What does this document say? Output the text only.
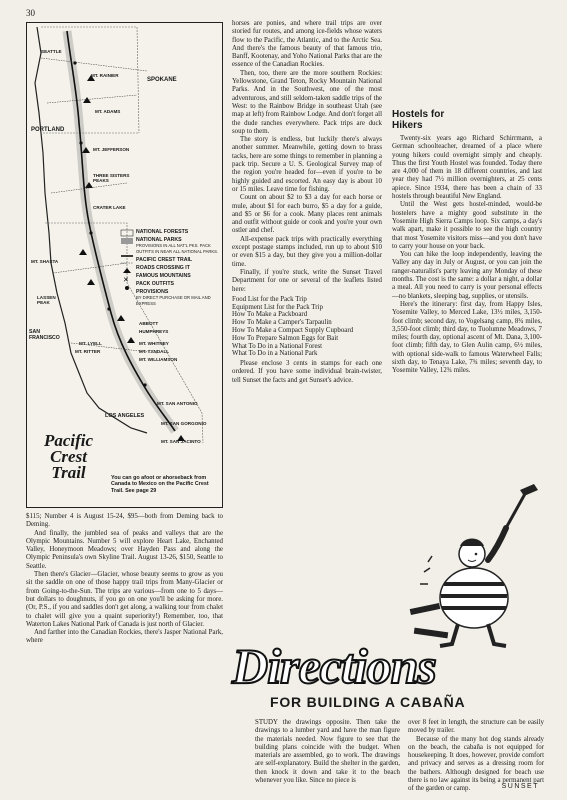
30
✕
NATIONAL FORESTS
NATIONAL PARKS
PROVISIONS IN ALL NAT'L PKS. PACK OUTFITS IN NEAR ALL NATIONAL PARKS.
PACIFIC CREST TRAIL
ROADS CROSSING IT
FAMOUS MOUNTAINS
PACK OUTFITS
PROVISIONS
BY DIRECT PURCHASE OR MAIL AND EXPRESS
SEATTLE
SPOKANE
MT. RAINIER
MT. ADAMS
PORTLAND
MT. JEFFERSON
THREE SISTERS PEAKS
CRATER LAKE
MT. SHASTA
LASSEN PEAK
SAN FRANCISCO
MT. LYELL
MT. RITTER
ABBOTT
HUMPHREYS
MT. WHITNEY
MT. TYNDALL
MT. WILLIAMSON
MT. SAN ANTONIO
LOS ANGELES
MT. SAN GORGONIO
MT. SAN JACINTO
Pacific Crest
Trail	You can go afoot or ahorseback from Canada to Mexico on the Pacific Crest Trail. See page 29

$115; Number 4 is August 15-24, $95—both from Deming back to Deming.

And finally, the jumbled sea of peaks and valleys that are the Olympic Mountains. Number 5 will explore Heart Lake, Enchanted Valley, Honeymoon Meadows; over Hayden Pass and along the Olympic Peninsula's own Skyline Trail. August 13-26, $150, Seattle to Seattle.

Then there's Glacier—Glacier, whose beauty seems to grow as you sit the saddle on one of those happy trail trips from Many-Glacier or from Going-to-the-Sun. The trips are various—from one to 5 days—but dollars to doughnuts, if you go on one you'll be asking for more. (Or, P.S., if you and saddles don't get along, a walking tour from chalet to chalet will give you a quaint superiority!) Remember, too, that Waterton Lakes National Park of Canada is just north of Glacier.

And farther into the Canadian Rockies, there's Jasper National Park, where

horses are ponies, and where trail trips are over storied fur routes, and among ice-fields whose waters flow to the Pacific, the Atlantic, and to the Arctic Sea. And there's the famous beauty of that famous trio, Banff, Kootenay, and Yoho National Parks that are the essence of the Canadian Rockies.

Then, too, there are the more southern Rockies: Yellowstone, Grand Teton, Rocky Mountain National Parks. And in the Southwest, one of the most adventurous, and still seldom-taken saddle trips of the West: to the Rainbow Bridge in southeast Utah (see map at left) from Rainbow Lodge. And don't forget all the dude ranches everywhere. Pack trips are duck soup to them.

The story is endless, but luckily there's always another summer. Meanwhile, getting down to brass tacks, here are some things to remember in planning a pack trip. Secure a U. S. Geological Survey map of the region you're headed for—even if you're to be highly guided and escorted. An easy day is about 10 or 15 miles. Leave time for fishing.

Count on about $2 to $3 a day for each horse or mule, about $1 for each burro, $5 a day for a guide, and $5 or $6 for a cook. Many places rent animals and outfit without guide or cook and you're your own ostler and chef.

All-expense pack trips with practically everything except postage stamps included, run up to about $10 or even $15 a day, but they give you a million-dollar time.

Finally, if you're stuck, write the Sunset Travel Department for one or several of the leaflets listed here:

Food List for the Pack Trip
Equipment List for the Pack Trip
How To Make a Packboard
How To Make a Camper's Tarpaulin
How To Make a Compact Supply Cupboard
How To Prepare Salmon Eggs for Bait
What To Do in a National Forest
What To Do in a National Park

Please enclose 3 cents in stamps for each one ordered. If you have some individual brain-twister, tell Sunset the facts and get Sunset's advice.

Hostels for
Hikers

Twenty-six years ago Richard Schirrmann, a German schoolteacher, dreamed of a place where young hikers could overnight simply and cheaply. Thus the first Youth Hostel was founded. Today there are 4,000 of them in 18 different countries, and last year they had 7½ million overnighters, at 25 cents apiece. Since 1934, there has been a chain of 33 hostels through beautiful New England.

Until the West gets hostel-minded, would-be hostelers have a mighty good substitute in the Yosemite High Sierra Camps loop. Six camps, a day's walk apart, make it possible to see the high country that most Yosemite visitors miss—and you don't have to carry your house on your back.

You can hike the loop independently, leaving the Valley any day in July or August, or you can join the ranger-naturalist's party leaving any Monday of these months. The cost is the same: a dollar a night, a dollar a meal. All you need to carry is your personal effects—no blankets, sleeping bag, supplies, or utensils.

Here's the itinerary: first day, from Happy Isles, Yosemite Valley, to Merced Lake, 13½ miles, 3,150-foot climb; second day, to Vogelsang camp, 8¾ miles, 3,550-foot climb; third day, to Tuolumne Meadows, 7 miles; fourth day, optional ascent of Mt. Dana, 3,100-foot climb; fifth day, to Glen Aulin camp, 6½ miles, with optional side-walk to famous Waterwheel Falls; sixth day, to Tenaya Lake, 7¾ miles; seventh day, to Yosemite Valley, 12¾ miles.

Directions
FOR BUILDING A CABAÑA

STUDY the drawings opposite. Then take the drawings to a lumber yard and have the man figure the materials needed. Now figure to see that the building plans coincide with the budget. When materials are assembled, go to work. The drawings are self-explanatory. Build the shelter in the garden, then knock it down and take it to the beach whenever you like. Since no piece is

over 8 feet in length, the structure can be easily moved by trailer.

Because of the many hot dog stands already on the beach, the cabaña is not equipped for housekeeping. It does, however, provide comfort and privacy and serves as a dressing room for the bathers. Although designed for beach use there is no law against its being a permanent part of the garden or camp.	SUNSET
